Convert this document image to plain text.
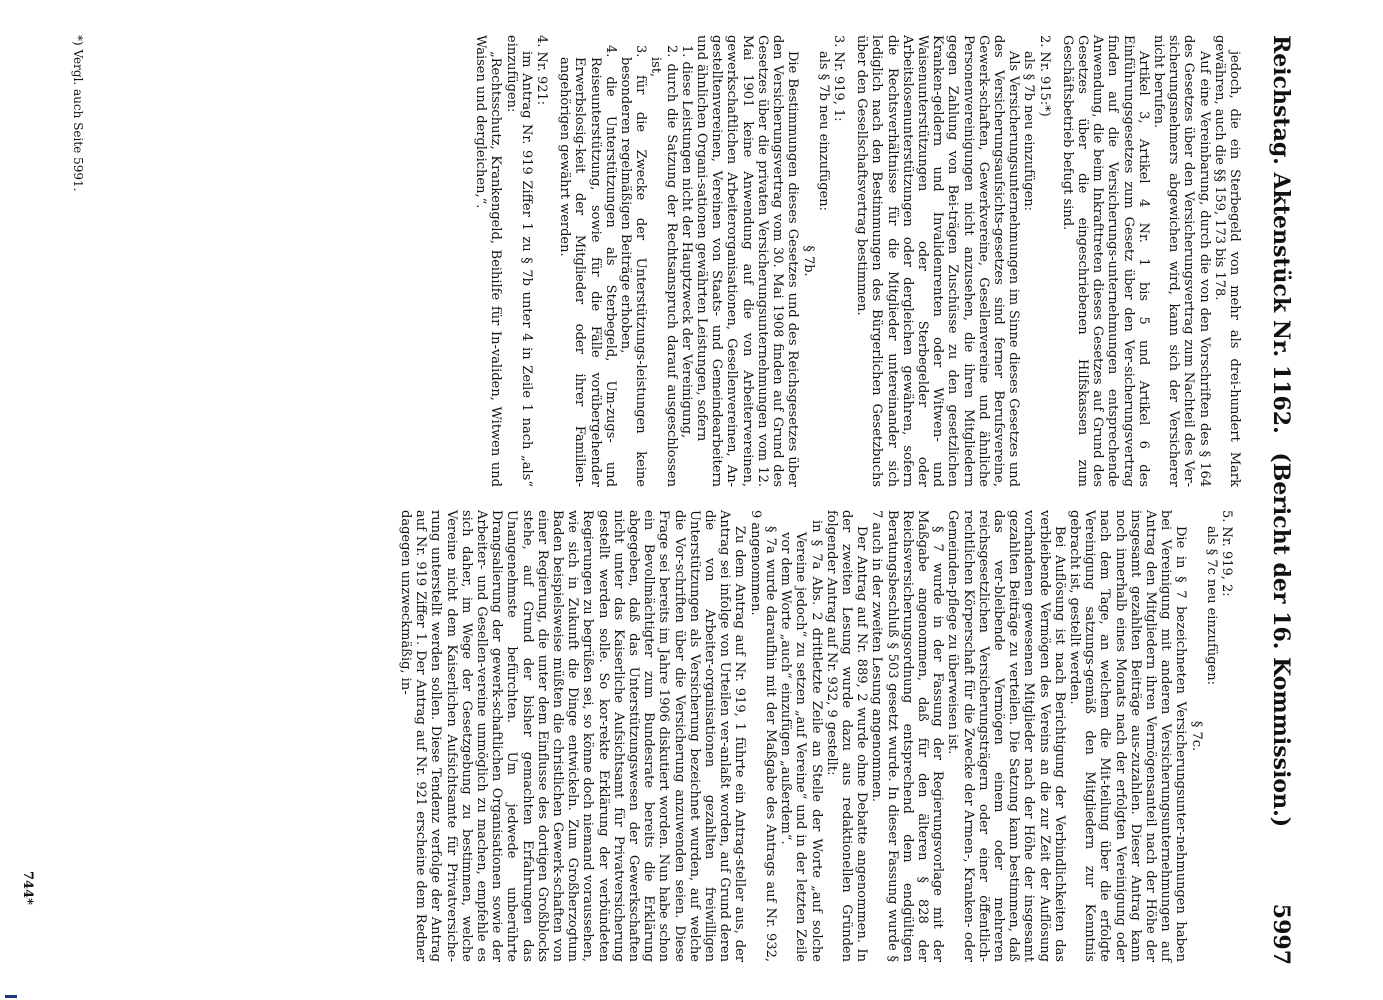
Reichstag. Aktenstück Nr. 1162.
(Bericht der 16. Kommission.)          5997

jedoch, die ein Sterbegeld von mehr als drei-hundert Mark gewähren, auch die §§ 159, 173 bis 178.

Auf eine Vereinbarung, durch die von den Vorschriften des § 164 des Gesetzes über den Versicherungsvertrag zum Nachteil des Ver-sicherungsnehmers abgewichen wird, kann sich der Versicherer nicht berufen.

Artikel 3, Artikel 4 Nr. 1 bis 5 und Artikel 6 des Einführungsgesetzes zum Gesetz über den Ver-sicherungsvertrag finden auf die Versicherungs-unternehmungen entsprechende Anwendung, die beim Inkrafttreten dieses Gesetzes auf Grund des Gesetzes über die eingeschriebenen Hilfskassen zum Geschäftsbetrieb befugt sind.

2. Nr. 915:*)

als § 7b neu einzufügen:

Als Versicherungsunternehmungen im Sinne dieses Gesetzes und des Versicherungsaufsichts-gesetzes sind ferner Berufsvereine, Gewerk-schaften, Gewerkvereine, Gesellenvereine und ähnliche Personenvereinigungen nicht anzusehen, die ihren Mitgliedern gegen Zahlung von Bei-trägen Zuschüsse zu den gesetzlichen Kranken-geldern und Invalidenrenten oder Witwen- und Waisenunterstützungen oder Sterbegelder oder Arbeitslosenunterstützungen oder dergleichen gewähren, sofern die Rechtsverhältnisse für die Mitglieder untereinander sich lediglich nach den Bestimmungen des Bürgerlichen Gesetzbuchs über den Gesellschaftsvertrag bestimmen.

3. Nr. 919, 1:

als § 7b neu einzufügen:

§ 7b.

Die Bestimmungen dieses Gesetzes und des Reichsgesetzes über den Versicherungsvertrag vom 30. Mai 1908 finden auf Grund des Gesetzes über die privaten Versicherungsunternehmungen vom 12. Mai 1901 keine Anwendung auf die von Arbeitervereinen, gewerkschaftlichen Arbeiterorganisationen, Gesellenvereinen, An-gestelltenvereinen, Vereinen von Staats- und Gemeindearbeitern und ähnlichen Organi-sationen gewährten Leistungen, sofern

1. diese Leistungen nicht der Hauptzweck der Vereinigung,

2. durch die Satzung der Rechtsanspruch darauf ausgeschlossen ist,

3. für die Zwecke der Unterstützungs-leistungen keine besonderen regelmäßigen Beiträge erhoben,

4. die Unterstützungen als Sterbegeld, Um-zugs- und Reiseunterstützung, sowie für die Fälle vorübergehender Erwerbslosig-keit der Mitglieder oder ihrer Familien-angehörigen gewährt werden.

4. Nr. 921:

im Antrag Nr. 919 Ziffer 1 zu § 7b unter 4 in Zeile 1 nach „als“ einzufügen:

„Rechtsschutz, Krankengeld, Beihilfe für In-validen, Witwen und Waisen und dergleichen,“.

5. Nr. 919, 2:

als § 7c neu einzufügen:

§ 7c.

Die in § 7 bezeichneten Versicherungsunter-nehmungen haben bei Vereinigung mit anderen Versicherungsunternehmungen auf Antrag den Mitgliedern ihren Vermögensanteil nach der Höhe der insgesamt gezahlten Beiträge aus-zuzahlen. Dieser Antrag kann noch innerhalb eines Monats nach der erfolgten Vereinigung oder nach dem Tage, an welchem die Mit-teilung über die erfolgte Vereinigung satzungs-gemäß den Mitgliedern zur Kenntnis gebracht ist, gestellt werden.

Bei Auflösung ist nach Berichtigung der Verbindlichkeiten das verbleibende Vermögen des Vereins an die zur Zeit der Auflösung vorhandenen gewesenen Mitglieder nach der Höhe der insgesamt gezahlten Beiträge zu verteilen. Die Satzung kann bestimmen, daß das ver-bleibende Vermögen einem oder mehreren reichsgesetzlichen Versicherungsträgern oder einer öffentlich-rechtlichen Körperschaft für die Zwecke der Armen-, Kranken- oder Gemeinden-pflege zu überweisen ist.

§ 7 wurde in der Fassung der Regierungsvorlage mit der Maßgabe angenommen, daß für den älteren § 828 der Reichsversicherungsordnung entsprechend dem endgültigen Beratungsbeschluß § 503 gesetzt wurde. In dieser Fassung wurde § 7 auch in der zweiten Lesung angenommen.

Der Antrag auf Nr. 889, 2 wurde ohne Debatte angenommen. In der zweiten Lesung wurde dazu aus redaktionellen Gründen folgender Antrag auf Nr. 932, 9 gestellt:

in § 7a Abs. 2 drittletzte Zeile an Stelle der Worte „auf solche Vereine jedoch“ zu setzen „auf Vereine“ und in der letzten Zeile vor dem Worte „auch“ einzufügen „außerdem“.

§ 7a wurde daraufhin mit der Maßgabe des Antrags auf Nr. 932, 9 angenommen.

Zu dem Antrag auf Nr. 919, 1 führte ein Antrag-steller aus, der Antrag sei infolge von Urteilen ver-anlaßt worden, auf Grund deren die von Arbeiter-organisationen gezahlten freiwilligen Unterstützungen als Versicherung bezeichnet wurden, auf welche die Vor-schriften über die Versicherung anzuwenden seien. Diese Frage sei bereits im Jahre 1906 diskutiert worden. Nun habe schon ein Bevollmächtigter zum Bundesrate bereits die Erklärung abgegeben, daß das Unterstützungswesen der Gewerkschaften nicht unter das Kaiserliche Aufsichtsamt für Privatversicherung gestellt werden solle. So kor-rekte Erklärung der verbündeten Regierungen zu begrüßen sei, so könne doch niemand voraussehen, wie sich in Zukunft die Dinge entwickeln. Zum Großherzogtum Baden beispielsweise müßten die christlichen Gewerk-schaften von einer Regierung, die unter dem Einflusse des dortigen Großblocks stehe, auf Grund der bisher gemachten Erfahrungen das Unangenehmste befürchten. Um jedwede unberührte Drangsalierung der gewerk-schaftlichen Organisationen sowie der Arbeiter- und Gesellen-vereine unmöglich zu machen, empfehle es sich daher, im Wege der Gesetzgebung zu bestimmen, welche Vereine nicht dem Kaiserlichen Aufsichtsamte für Privatversiche-rung unterstellt werden sollen. Diese Tendenz verfolge der Antrag auf Nr. 919 Ziffer 1. Der Antrag auf Nr. 921 erscheine dem Redner dagegen unzweckmäßig, in-

*) Vergl. auch Seite 5991.
744*
